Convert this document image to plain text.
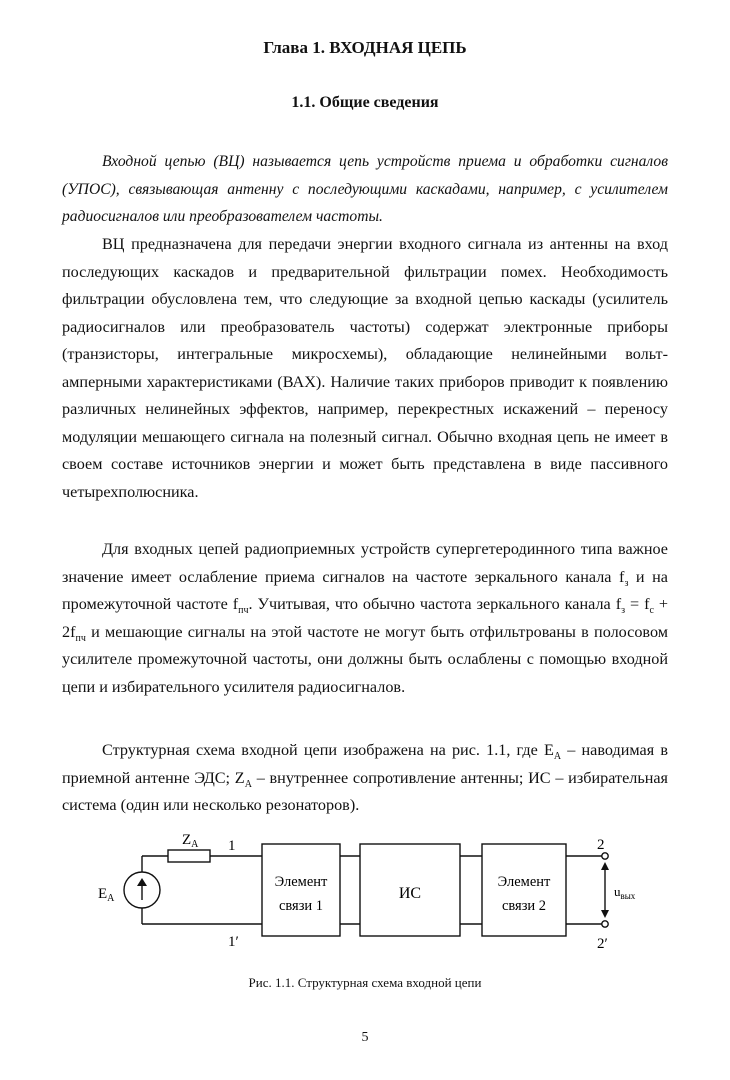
Глава 1. ВХОДНАЯ ЦЕПЬ
1.1. Общие сведения

Входной цепью (ВЦ) называется цепь устройств приема и обработки сигналов (УПОС), связывающая антенну с последующими каскадами, например, с усилителем радиосигналов или преобразователем частоты.

ВЦ предназначена для передачи энергии входного сигнала из антенны на вход последующих каскадов и предварительной фильтрации помех. Необходимость фильтрации обусловлена тем, что следующие за входной цепью каскады (усилитель радиосигналов или преобразователь частоты) содержат электронные приборы (транзисторы, интегральные микросхемы), обладающие нелинейными вольт-амперными характеристиками (ВАХ). Наличие таких приборов приводит к появлению различных нелинейных эффектов, например, перекрестных искажений – переносу модуляции мешающего сигнала на полезный сигнал. Обычно входная цепь не имеет в своем составе источников энергии и может быть представлена в виде пассивного четырехполюсника.

Для входных цепей радиоприемных устройств супергетеродинного типа важное значение имеет ослабление приема сигналов на частоте зеркального канала $f_з$ и на промежуточной частоте $f_{пч}$. Учитывая, что обычно частота зеркального канала $f_з = f_с + 2f_{пч}$ и мешающие сигналы на этой частоте не могут быть отфильтрованы в полосовом усилителе промежуточной частоты, они должны быть ослаблены с помощью входной цепи и избирательного усилителя радиосигналов.

Структурная схема входной цепи изображена на рис. 1.1, где $E_A$ – наводимая в приемной антенне ЭДС; $Z_A$ – внутреннее сопротивление антенны; ИС – избирательная система (один или несколько резонаторов).

$E_A$
$Z_A$ 1
1′
2
2′
Элемент
связи 1
ИС
Элемент
связи 2
$u_{вых}$
Рис. 1.1. Структурная схема входной цепи
5
